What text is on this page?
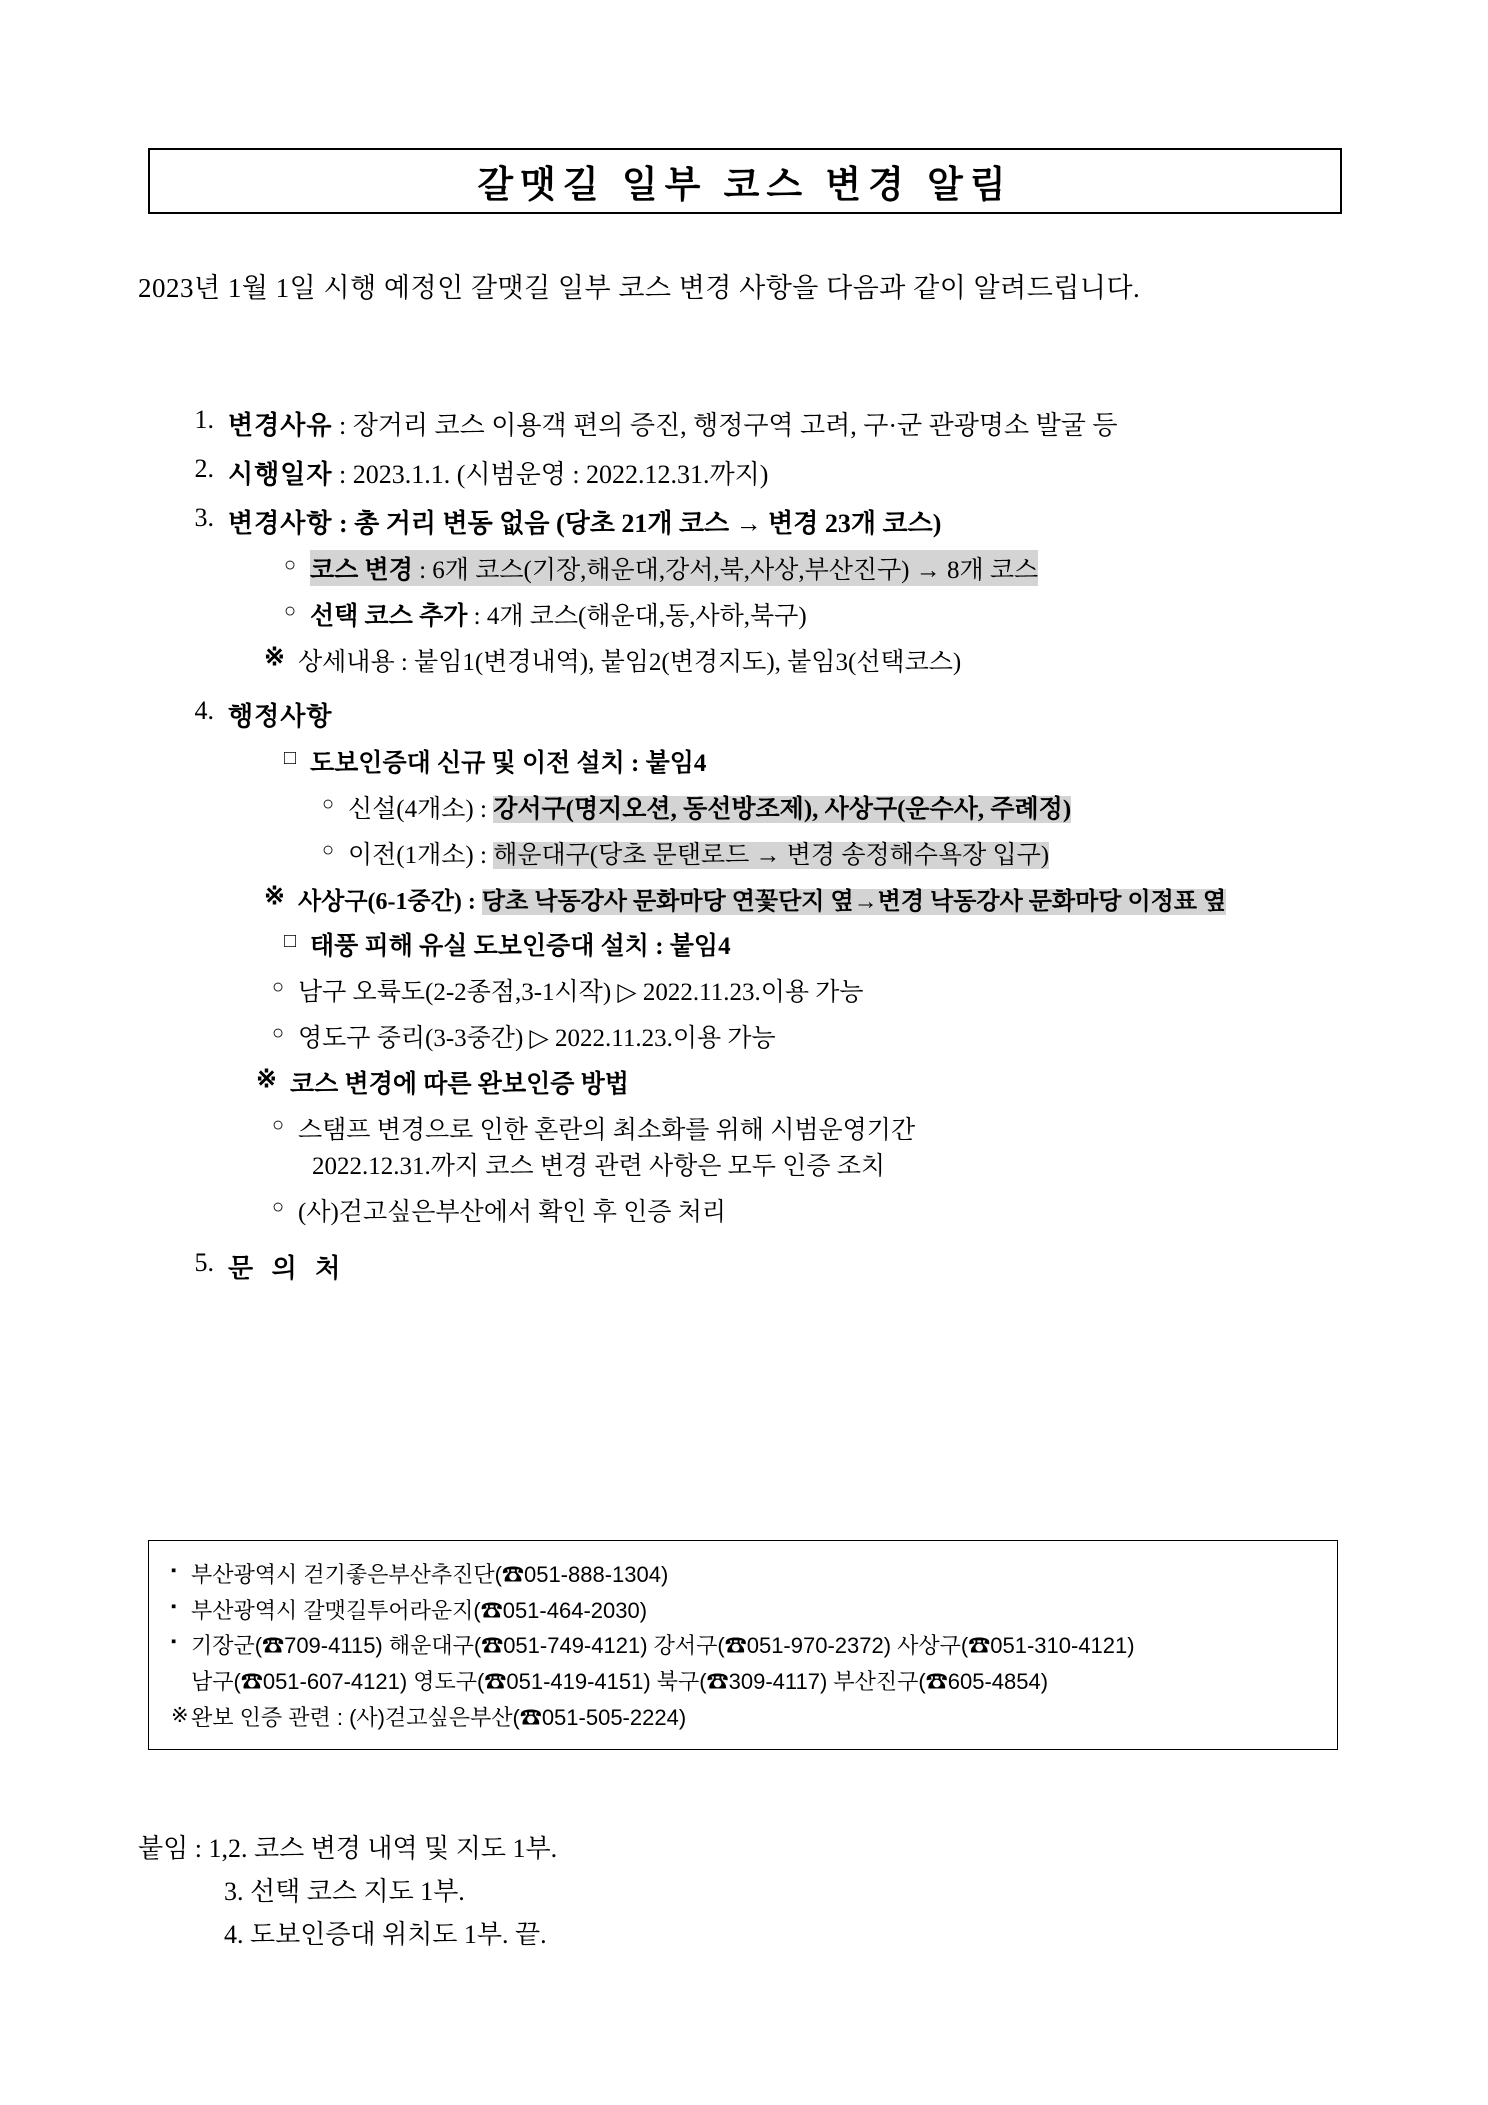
갈맷길 일부 코스 변경 알림
2023년 1월 1일 시행 예정인 갈맷길 일부 코스 변경 사항을 다음과 같이 알려드립니다.
1. 변경사유 : 장거리 코스 이용객 편의 증진, 행정구역 고려, 구·군 관광명소 발굴 등
2. 시행일자 : 2023.1.1. (시범운영 : 2022.12.31.까지)
3. 변경사항 : 총 거리 변동 없음 (당초 21개 코스 → 변경 23개 코스)
○ 코스 변경 : 6개 코스(기장,해운대,강서,북,사상,부산진구) → 8개 코스
○ 선택 코스 추가 : 4개 코스(해운대,동,사하,북구)
※ 상세내용 : 붙임1(변경내역), 붙임2(변경지도), 붙임3(선택코스)
4. 행정사항
□ 도보인증대 신규 및 이전 설치 : 붙임4
○ 신설(4개소) : 강서구(명지오션, 동선방조제), 사상구(운수사, 주례정)
○ 이전(1개소) : 해운대구(당초 문탠로드 → 변경 송정해수욕장 입구)
※ 사상구(6-1중간) : 당초 낙동강사 문화마당 연꽃단지 옆→변경 낙동강사 문화마당 이정표 옆
□ 태풍 피해 유실 도보인증대 설치 : 붙임4
○ 남구 오륙도(2-2종점,3-1시작) ▷ 2022.11.23.이용 가능
○ 영도구 중리(3-3중간) ▷ 2022.11.23.이용 가능
※ 코스 변경에 따른 완보인증 방법
○ 스탬프 변경으로 인한 혼란의 최소화를 위해 시범운영기간
2022.12.31.까지 코스 변경 관련 사항은 모두 인증 조치
○ (사)걷고싶은부산에서 확인 후 인증 처리
5. 문 의 처
▪ 부산광역시 걷기좋은부산추진단(☎051-888-1304)
▪ 부산광역시 갈맷길투어라운지(☎051-464-2030)
▪ 기장군(☎709-4115) 해운대구(☎051-749-4121) 강서구(☎051-970-2372) 사상구(☎051-310-4121)
남구(☎051-607-4121) 영도구(☎051-419-4151) 북구(☎309-4117) 부산진구(☎605-4854)
※ 완보 인증 관련 : (사)걷고싶은부산(☎051-505-2224)
붙임 : 1,2. 코스 변경 내역 및 지도 1부.
3. 선택 코스 지도 1부.
4. 도보인증대 위치도 1부. 끝.
